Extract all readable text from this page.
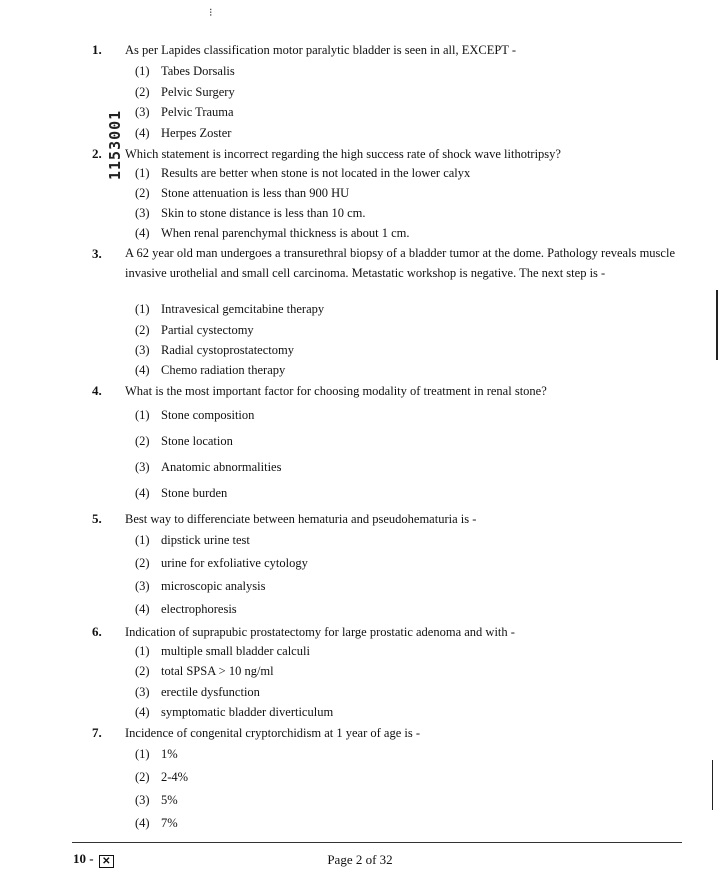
⁝
1153001
1.	As per Lapides classification motor paralytic bladder is seen in all, EXCEPT -
(1) Tabes Dorsalis
(2) Pelvic Surgery
(3) Pelvic Trauma
(4) Herpes Zoster
2.	Which statement is incorrect regarding the high success rate of shock wave lithotripsy?
(1) Results are better when stone is not located in the lower calyx
(2) Stone attenuation is less than 900 HU
(3) Skin to stone distance is less than 10 cm.
(4) When renal parenchymal thickness is about 1 cm.
3.	A 62 year old man undergoes a transurethral biopsy of a bladder tumor at the dome. Pathology reveals muscle invasive urothelial and small cell carcinoma. Metastatic workshop is negative. The next step is -
(1) Intravesical gemcitabine therapy
(2) Partial cystectomy
(3) Radial cystoprostatectomy
(4) Chemo radiation therapy
4.	What is the most important factor for choosing modality of treatment in renal stone?
(1) Stone composition
(2) Stone location
(3) Anatomic abnormalities
(4) Stone burden
5.	Best way to differenciate between hematuria and pseudohematuria is -
(1) dipstick urine test
(2) urine for exfoliative cytology
(3) microscopic analysis
(4) electrophoresis
6.	Indication of suprapubic prostatectomy for large prostatic adenoma and with -
(1) multiple small bladder calculi
(2) total SPSA > 10 ng/ml
(3) erectile dysfunction
(4) symptomatic bladder diverticulum
7.	Incidence of congenital cryptorchidism at 1 year of age is -
(1) 1%
(2) 2-4%
(3) 5%
(4) 7%
10 - ✕	Page 2 of 32
